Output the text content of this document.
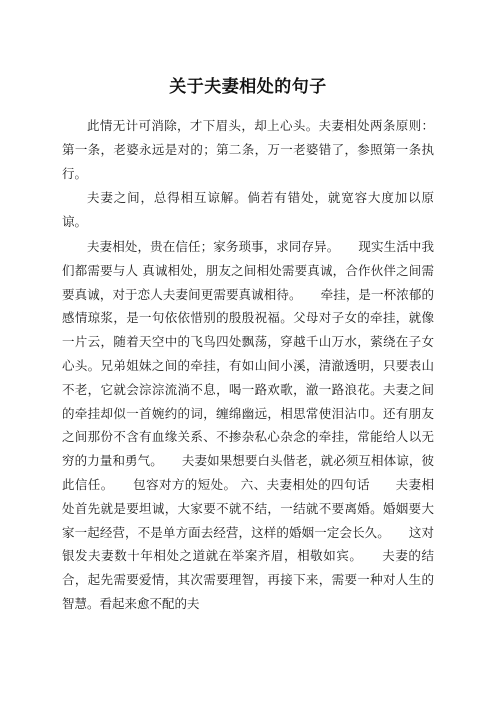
关于夫妻相处的句子

此情无计可消除，才下眉头，却上心头。夫妻相处两条原则：第一条，老婆永远是对的；第二条，万一老婆错了，参照第一条执行。

夫妻之间，总得相互谅解。倘若有错处，就宽容大度加以原谅。

夫妻相处，贵在信任；家务琐事，求同存异。　　现实生活中我们都需要与人 真诚相处，朋友之间相处需要真诚，合作伙伴之间需要真诚，对于恋人夫妻间更需要真诚相待。　　牵挂，是一杯浓郁的感情琼浆，是一句依依惜别的殷殷祝福。父母对子女的牵挂，就像一片云，随着天空中的飞鸟四处飘荡，穿越千山万水，萦绕在子女心头。兄弟姐妹之间的牵挂，有如山间小溪，清澈透明，只要表山不老，它就会淙淙流淌不息，喝一路欢歌，澈一路浪花。夫妻之间的牵挂却似一首婉约的词，缠绵幽远，相思常使泪沾巾。还有朋友之间那份不含有血缘关系、不掺杂私心杂念的牵挂，常能给人以无穷的力量和勇气。　　夫妻如果想要白头偕老，就必须互相体谅，彼此信任。　　包容对方的短处。 六、夫妻相处的四句话　　夫妻相处首先就是要坦诚，大家要不就不结，一结就不要离婚。婚姻要大家一起经营，不是单方面去经营，这样的婚姻一定会长久。　　这对银发夫妻数十年相处之道就在举案齐眉，相敬如宾。　　夫妻的结合，起先需要爱情，其次需要理智，再接下来，需要一种对人生的智慧。看起来愈不配的夫
